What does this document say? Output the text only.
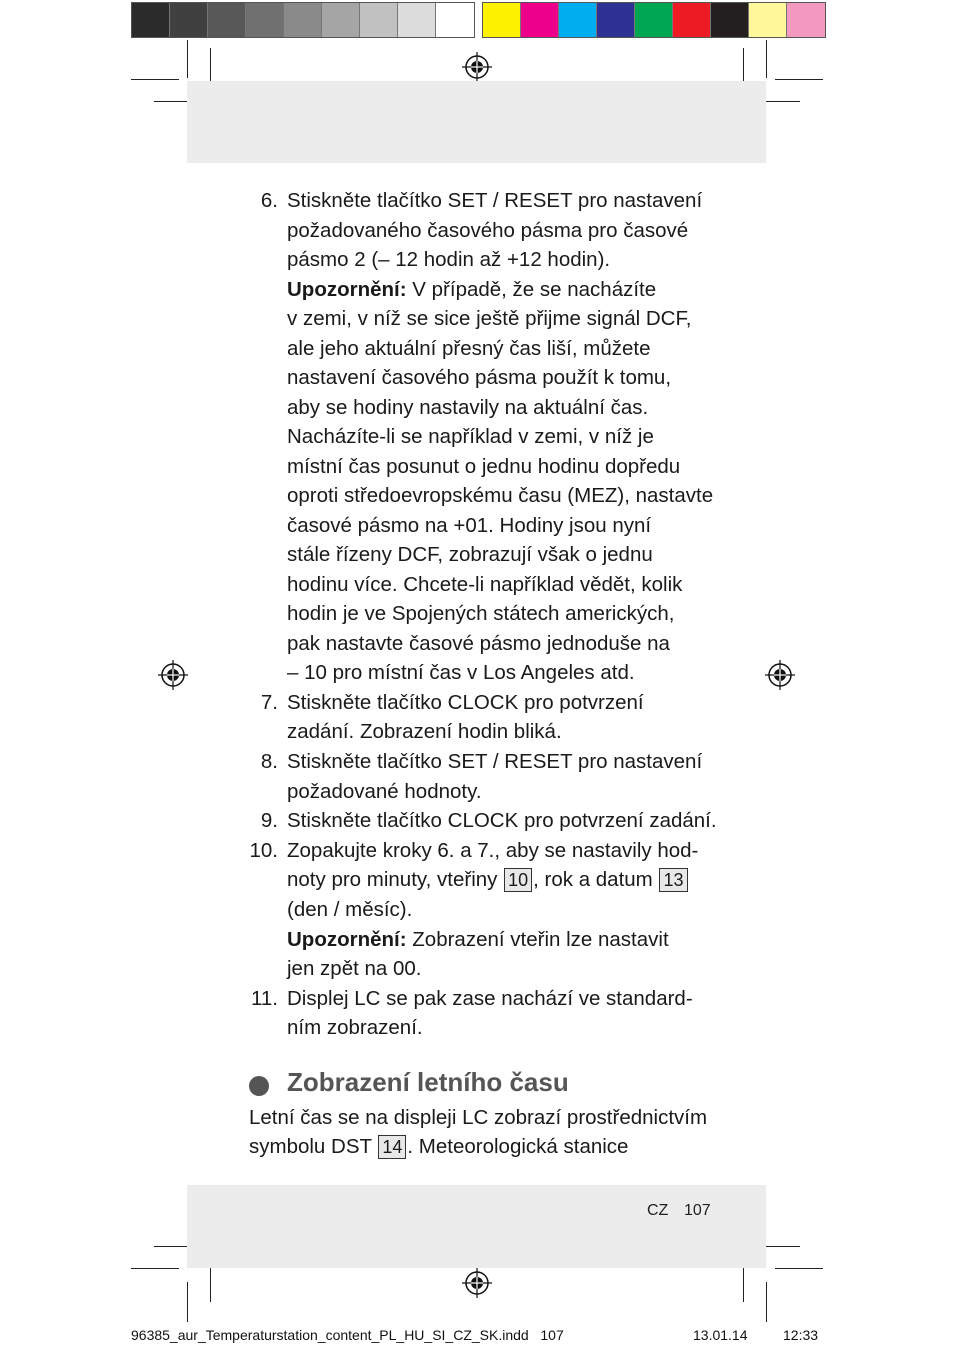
6. Stiskněte tlačítko SET / RESET pro nastavení
požadovaného časového pásma pro časové
pásmo 2 (– 12 hodin až +12 hodin).
Upozornění: V případě, že se nacházíte
v zemi, v níž se sice ještě přijme signál DCF,
ale jeho aktuální přesný čas liší, můžete
nastavení časového pásma použít k tomu,
aby se hodiny nastavily na aktuální čas.
Nacházíte-li se například v zemi, v níž je
místní čas posunut o jednu hodinu dopředu
oproti středoevropskému času (MEZ), nastavte
časové pásmo na +01. Hodiny jsou nyní
stále řízeny DCF, zobrazují však o jednu
hodinu více. Chcete-li například vědět, kolik
hodin je ve Spojených státech amerických,
pak nastavte časové pásmo jednoduše na
– 10 pro místní čas v Los Angeles atd.
7. Stiskněte tlačítko CLOCK pro potvrzení
zadání. Zobrazení hodin bliká.
8. Stiskněte tlačítko SET / RESET pro nastavení
požadované hodnoty.
9. Stiskněte tlačítko CLOCK pro potvrzení zadání.
10. Zopakujte kroky 6. a 7., aby se nastavily hod-
noty pro minuty, vteřiny 10 , rok a datum 13
(den / měsíc).
Upozornění: Zobrazení vteřin lze nastavit
jen zpět na 00.
11. Displej LC se pak zase nachází ve standard-
ním zobrazení.
Zobrazení letního času
Letní čas se na displeji LC zobrazí prostřednictvím
symbolu DST 14 . Meteorologická stanice
CZ 107
96385_aur_Temperaturstation_content_PL_HU_SI_CZ_SK.indd   107	13.01.14	12:33
